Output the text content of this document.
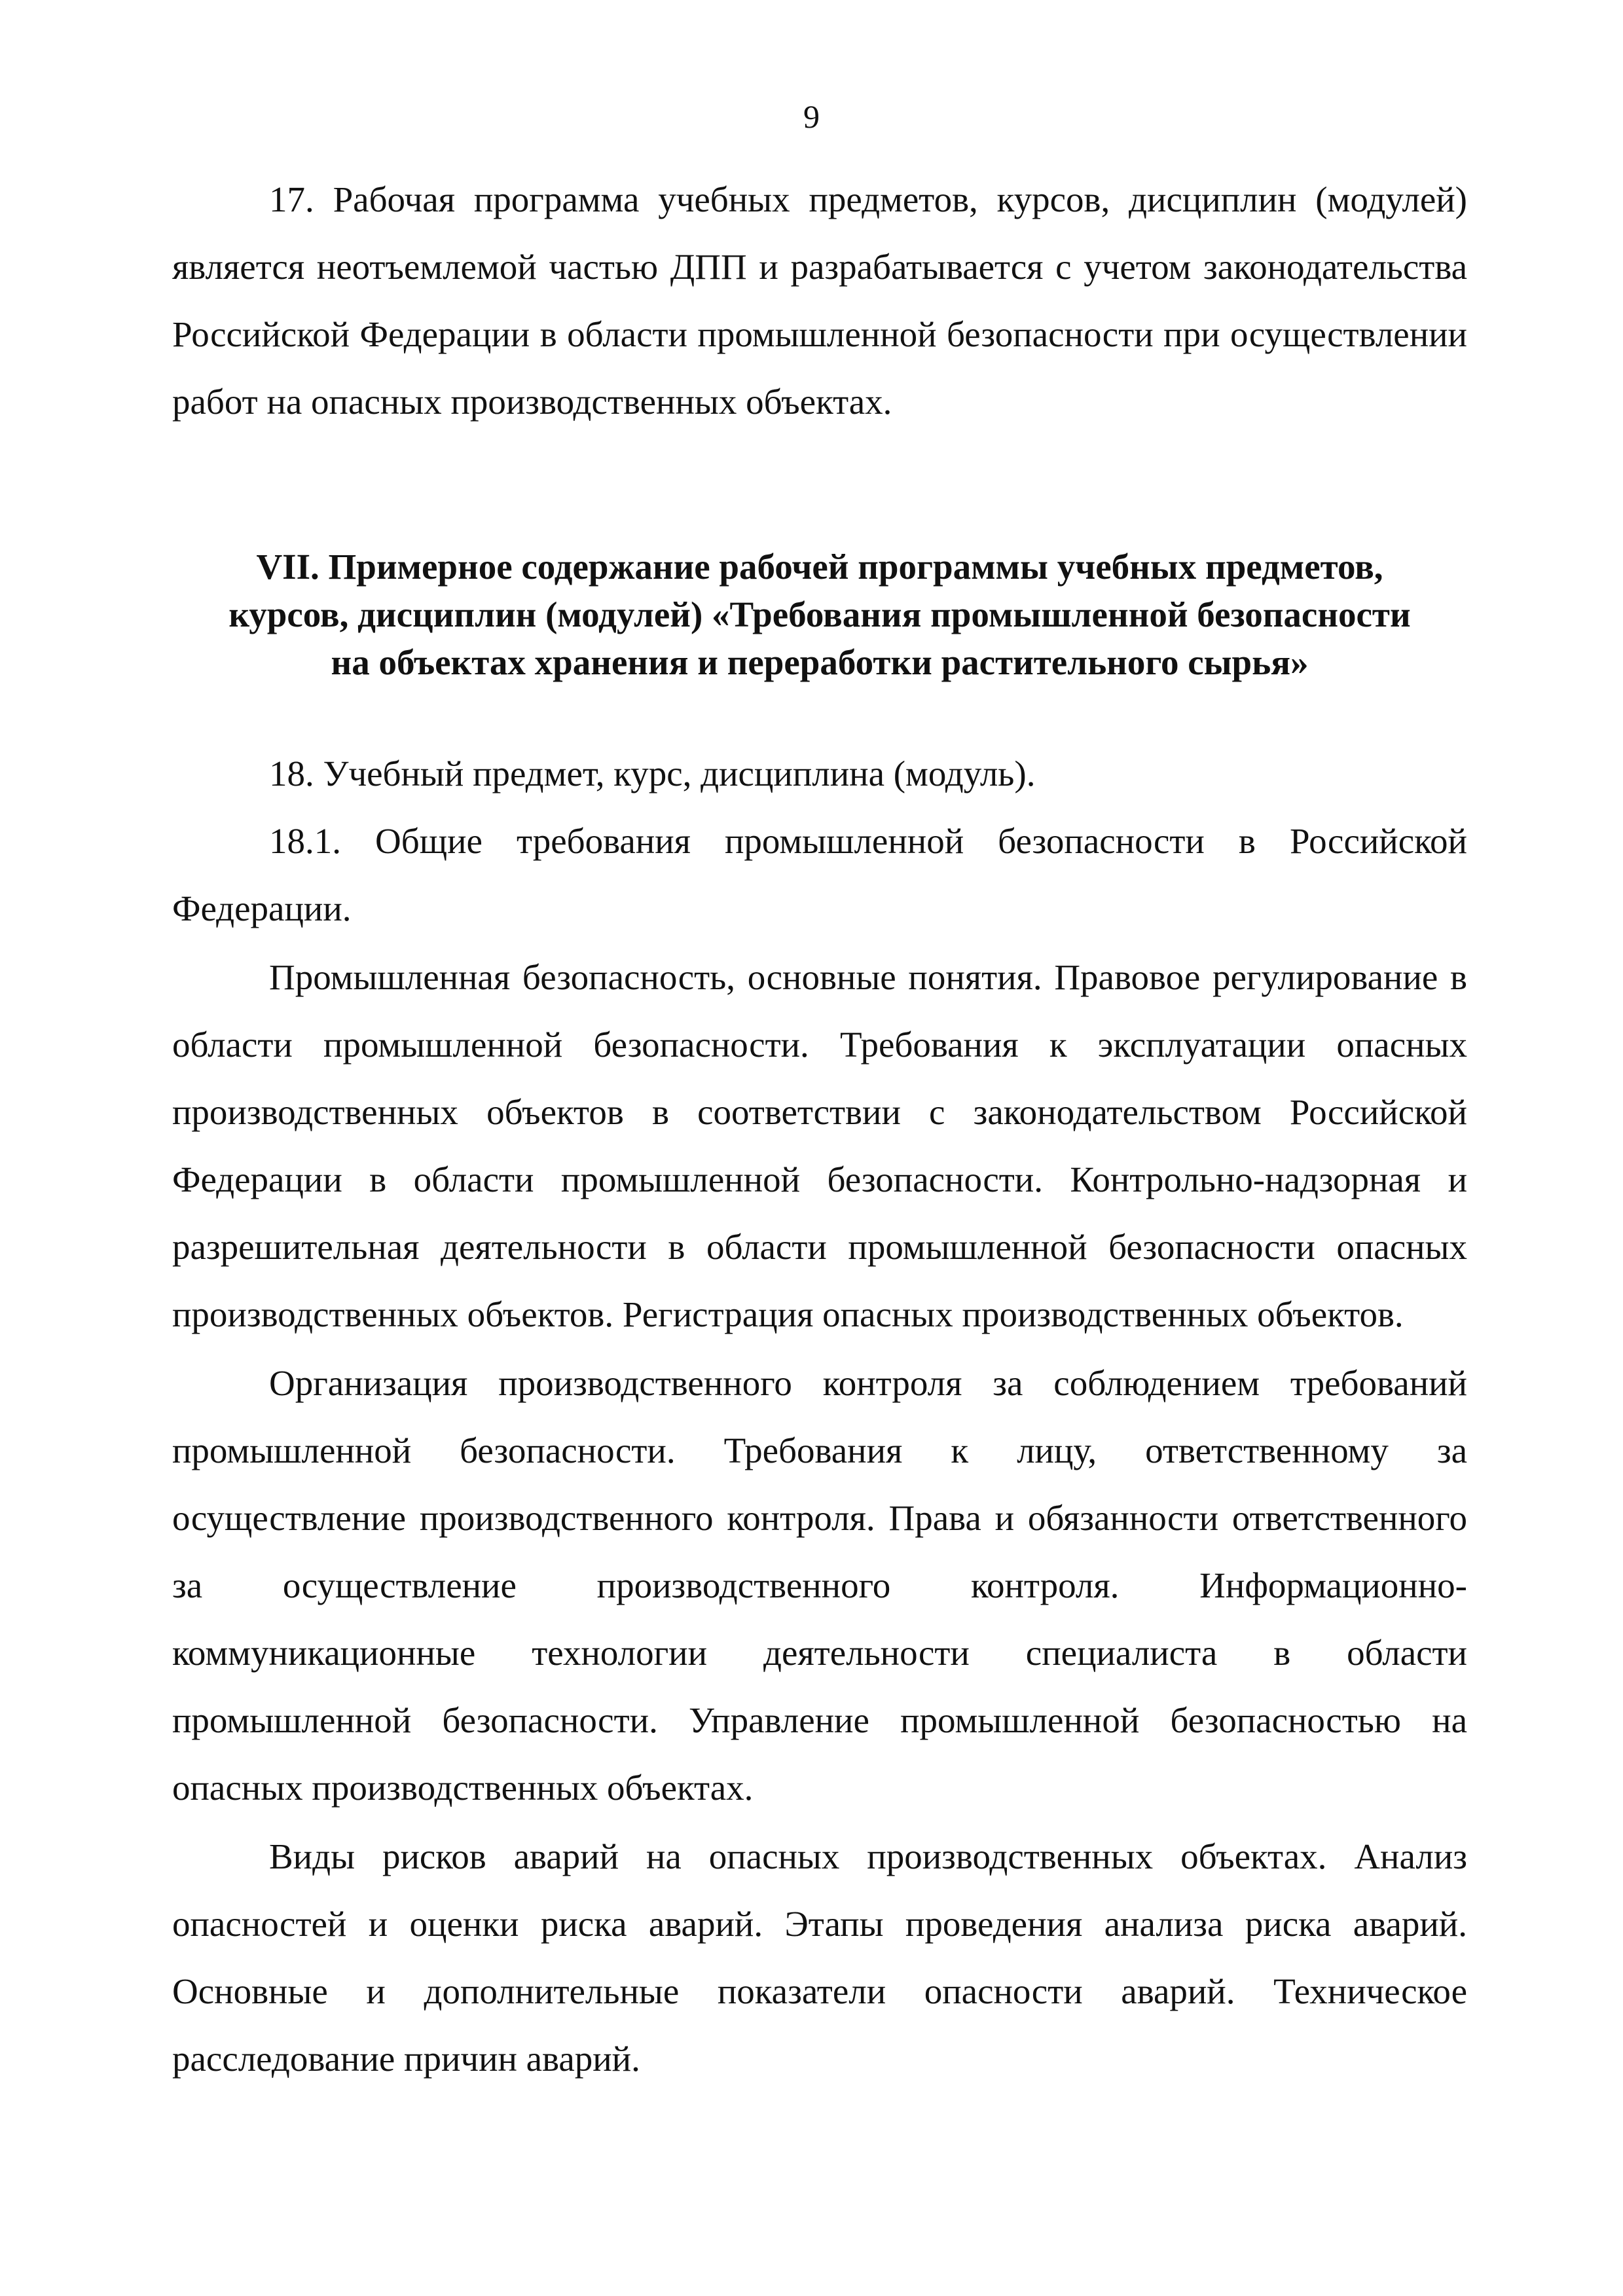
9

17. Рабочая программа учебных предметов, курсов, дисциплин (модулей) является неотъемлемой частью ДПП и разрабатывается с учетом законодательства Российской Федерации в области промышленной безопасности при осуществлении работ на опасных производственных объектах.

VII. Примерное содержание рабочей программы учебных предметов,
курсов, дисциплин (модулей) «Требования промышленной безопасности
на объектах хранения и переработки растительного сырья»

18. Учебный предмет, курс, дисциплина (модуль).

18.1. Общие требования промышленной безопасности в Российской Федерации.

Промышленная безопасность, основные понятия. Правовое регулирование в области промышленной безопасности. Требования к эксплуатации опасных производственных объектов в соответствии с законодательством Российской Федерации в области промышленной безопасности. Контрольно-надзорная и разрешительная деятельности в области промышленной безопасности опасных производственных объектов. Регистрация опасных производственных объектов.

Организация производственного контроля за соблюдением требований промышленной безопасности. Требования к лицу, ответственному за осуществление производственного контроля. Права и обязанности ответственного за осуществление производственного контроля. Информационно-коммуникационные технологии деятельности специалиста в области промышленной безопасности. Управление промышленной безопасностью на опасных производственных объектах.

Виды рисков аварий на опасных производственных объектах. Анализ опасностей и оценки риска аварий. Этапы проведения анализа риска аварий. Основные и дополнительные показатели опасности аварий. Техническое расследование причин аварий.
